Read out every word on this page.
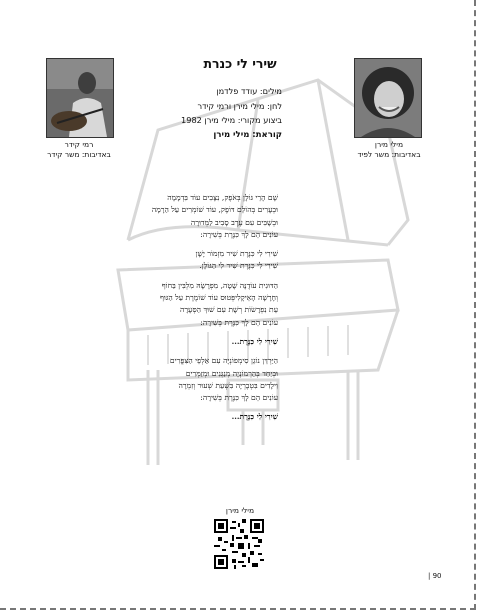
רמי קידר
באדיבות: משר קידר
מילי מירן
באדיבות: משר לפיד
שירי לי כנרת
מילים: עודד פלדמן
לחן: מילי מירן ורמי קידר
ביצוע מקורי: מילי מירן 1982
קוראת: מילי מירן
שָׁם הָרֵי גּוֹלָן בְּאֹפֶק, נִצָּבִים עוֹד בִּדְמָמָה
וּבְעָרִים בְּהוֹלֵם דּוֹפֶק, עוֹד שׁוֹמְרִים עַל הַרָמָה
וּבְשָׁבִּים עִם עֶרֶב סָבִיב לַמְּדוּרָה
עוֹנִים הֵם לָךְ כִּנֶּרֶת בְּשִׁירָה:
שִׁירִי לִי כִּנֶּרֶת שִׁיר מִזְמוֹר יָשָׁן
שִׁירִי לִי כִּנֶּרֶת שִׁיר לִי הַגּוֹלָן.
הַדּוּגִית עוֹדֶנָּה שָׁטָה, מִפְרָשָׂהּ מִלְבִּין בַּחוֹף
וְחָרָשָׁה הָאֵיקָלִיפְּטוּס עוֹד שׁוֹמֶרֶת עַל הַגּוּף
עֵת נִפְרָשׂוֹת רְשָׁת עִם שׁוּךְ הַסְּעָרָה
עוֹנִים הֵם לָךְ כִּנֶּרֶת בְּשִׁירָה:
שִׁירִי לִי כִּנֶּרֶת...
הַיַּרְדֵּן נוֹגֵן סִימְפוֹנְיָה עִם אַלְפֵי הַצִּפֳּרִים
וּבְיַחַד בְּהַרְמוֹנְיָה מְנַגְּנִים וּמְזַמְּרִים
וִילָדִים בִּטְבֶרְיָה בִּשְׁעַת שְׁעוּר וְזִמְרָה
עוֹנִים הֵם לָךְ כִּנֶּרֶת בְּשִׁירָה:
שִׁירִי לִי כִּנֶּרֶת...
מילי מירן
| 90
